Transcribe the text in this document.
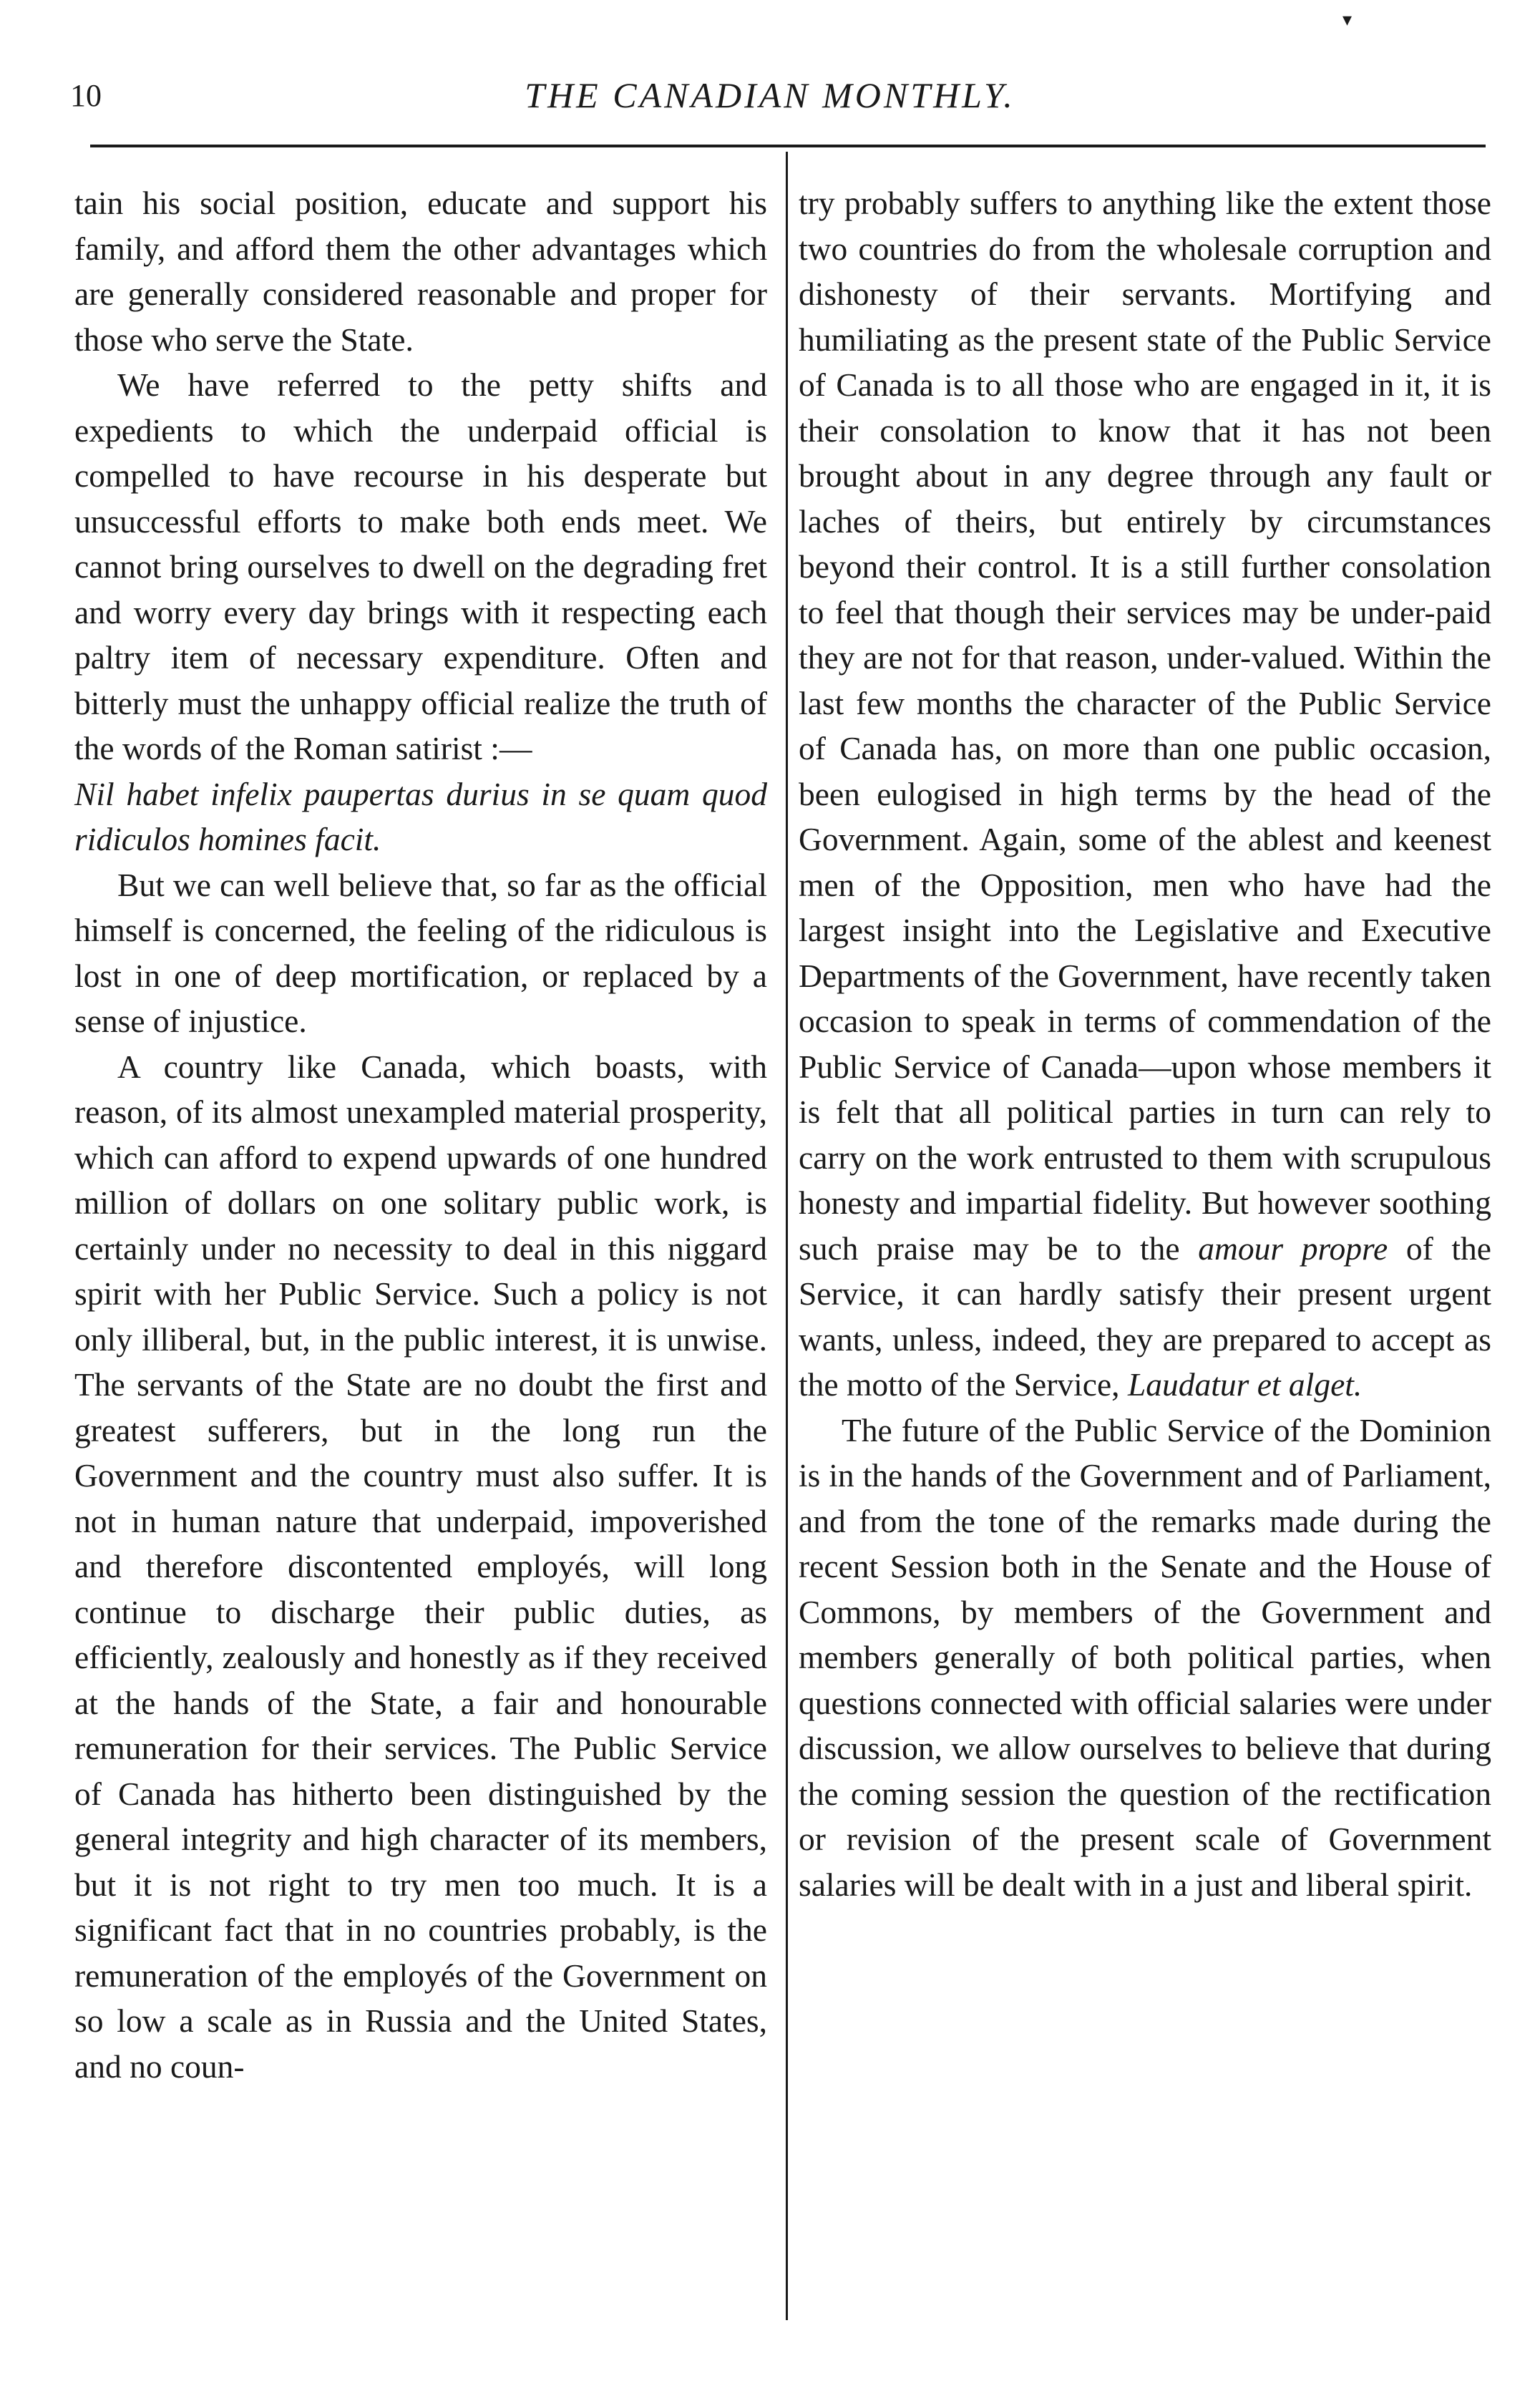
▾
10	THE CANADIAN MONTHLY.

tain his social position, educate and support his family, and afford them the other advantages which are generally considered reasonable and proper for those who serve the State.

We have referred to the petty shifts and expedients to which the underpaid official is compelled to have recourse in his desperate but unsuccessful efforts to make both ends meet. We cannot bring ourselves to dwell on the degrading fret and worry every day brings with it respecting each paltry item of necessary expenditure. Often and bitterly must the unhappy official realize the truth of the words of the Roman satirist :—

Nil habet infelix paupertas durius in se quam quod ridiculos homines facit.

But we can well believe that, so far as the official himself is concerned, the feeling of the ridiculous is lost in one of deep mortification, or replaced by a sense of injustice.

A country like Canada, which boasts, with reason, of its almost unexampled material prosperity, which can afford to expend upwards of one hundred million of dollars on one solitary public work, is certainly under no necessity to deal in this niggard spirit with her Public Service. Such a policy is not only illiberal, but, in the public interest, it is unwise. The servants of the State are no doubt the first and greatest sufferers, but in the long run the Government and the country must also suffer. It is not in human nature that underpaid, impoverished and therefore discontented employés, will long continue to discharge their public duties, as efficiently, zealously and honestly as if they received at the hands of the State, a fair and honourable remuneration for their services. The Public Service of Canada has hitherto been distinguished by the general integrity and high character of its members, but it is not right to try men too much. It is a significant fact that in no countries probably, is the remuneration of the employés of the Government on so low a scale as in Russia and the United States, and no coun-

try probably suffers to anything like the extent those two countries do from the wholesale corruption and dishonesty of their servants. Mortifying and humiliating as the present state of the Public Service of Canada is to all those who are engaged in it, it is their consolation to know that it has not been brought about in any degree through any fault or laches of theirs, but entirely by circumstances beyond their control. It is a still further consolation to feel that though their services may be under-paid they are not for that reason, under-valued. Within the last few months the character of the Public Service of Canada has, on more than one public occasion, been eulogised in high terms by the head of the Government. Again, some of the ablest and keenest men of the Opposition, men who have had the largest insight into the Legislative and Executive Departments of the Government, have recently taken occasion to speak in terms of commendation of the Public Service of Canada—upon whose members it is felt that all political parties in turn can rely to carry on the work entrusted to them with scrupulous honesty and impartial fidelity. But however soothing such praise may be to the amour propre of the Service, it can hardly satisfy their present urgent wants, unless, indeed, they are prepared to accept as the motto of the Service, Laudatur et alget.

The future of the Public Service of the Dominion is in the hands of the Government and of Parliament, and from the tone of the remarks made during the recent Session both in the Senate and the House of Commons, by members of the Government and members generally of both political parties, when questions connected with official salaries were under discussion, we allow ourselves to believe that during the coming session the question of the rectification or revision of the present scale of Government salaries will be dealt with in a just and liberal spirit.
